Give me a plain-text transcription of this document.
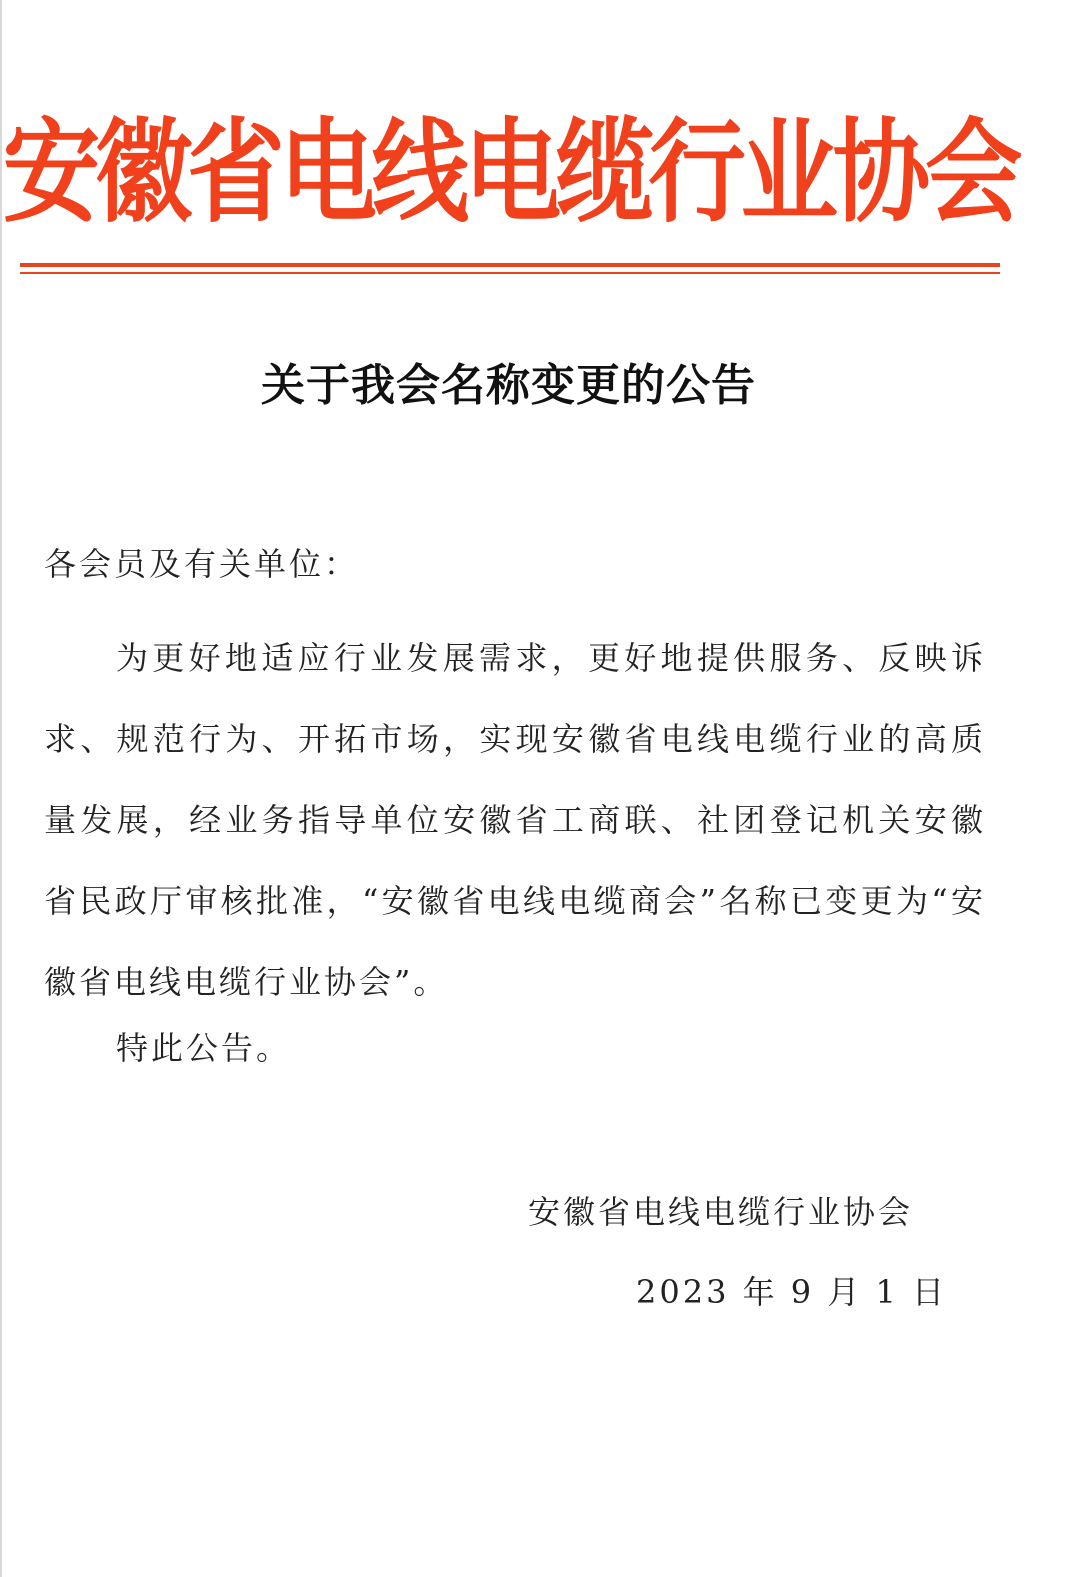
安徽省电线电缆行业协会
关于我会名称变更的公告
各会员及有关单位：
为更好地适应行业发展需求，更好地提供服务、反映诉求、规范行为、开拓市场，实现安徽省电线电缆行业的高质量发展，经业务指导单位安徽省工商联、社团登记机关安徽省民政厅审核批准，“安徽省电线电缆商会”名称已变更为“安徽省电线电缆行业协会”。
特此公告。
安徽省电线电缆行业协会
2023 年 9 月 1 日
